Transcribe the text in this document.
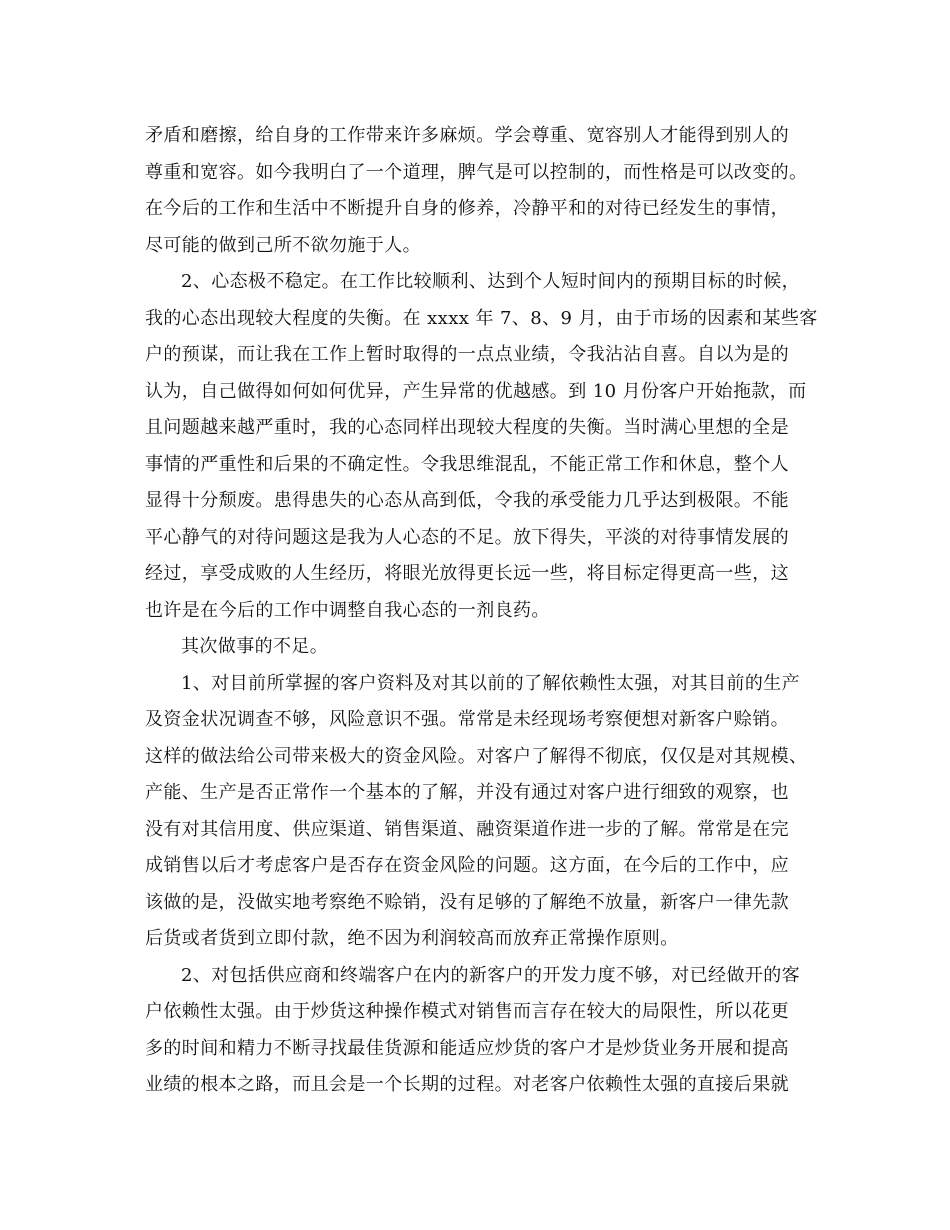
矛盾和磨擦，给自身的工作带来许多麻烦。学会尊重、宽容别人才能得到别人的
尊重和宽容。如今我明白了一个道理，脾气是可以控制的，而性格是可以改变的。
在今后的工作和生活中不断提升自身的修养，冷静平和的对待已经发生的事情，
尽可能的做到己所不欲勿施于人。
2、心态极不稳定。在工作比较顺利、达到个人短时间内的预期目标的时候，
我的心态出现较大程度的失衡。在 xxxx 年 7、8、9 月，由于市场的因素和某些客
户的预谋，而让我在工作上暂时取得的一点点业绩，令我沾沾自喜。自以为是的
认为，自己做得如何如何优异，产生异常的优越感。到 10 月份客户开始拖款，而
且问题越来越严重时，我的心态同样出现较大程度的失衡。当时满心里想的全是
事情的严重性和后果的不确定性。令我思维混乱，不能正常工作和休息，整个人
显得十分颓废。患得患失的心态从高到低，令我的承受能力几乎达到极限。不能
平心静气的对待问题这是我为人心态的不足。放下得失，平淡的对待事情发展的
经过，享受成败的人生经历，将眼光放得更长远一些，将目标定得更高一些，这
也许是在今后的工作中调整自我心态的一剂良药。
其次做事的不足。
1、对目前所掌握的客户资料及对其以前的了解依赖性太强，对其目前的生产
及资金状况调查不够，风险意识不强。常常是未经现场考察便想对新客户赊销。
这样的做法给公司带来极大的资金风险。对客户了解得不彻底，仅仅是对其规模、
产能、生产是否正常作一个基本的了解，并没有通过对客户进行细致的观察，也
没有对其信用度、供应渠道、销售渠道、融资渠道作进一步的了解。常常是在完
成销售以后才考虑客户是否存在资金风险的问题。这方面，在今后的工作中，应
该做的是，没做实地考察绝不赊销，没有足够的了解绝不放量，新客户一律先款
后货或者货到立即付款，绝不因为利润较高而放弃正常操作原则。
2、对包括供应商和终端客户在内的新客户的开发力度不够，对已经做开的客
户依赖性太强。由于炒货这种操作模式对销售而言存在较大的局限性，所以花更
多的时间和精力不断寻找最佳货源和能适应炒货的客户才是炒货业务开展和提高
业绩的根本之路，而且会是一个长期的过程。对老客户依赖性太强的直接后果就
